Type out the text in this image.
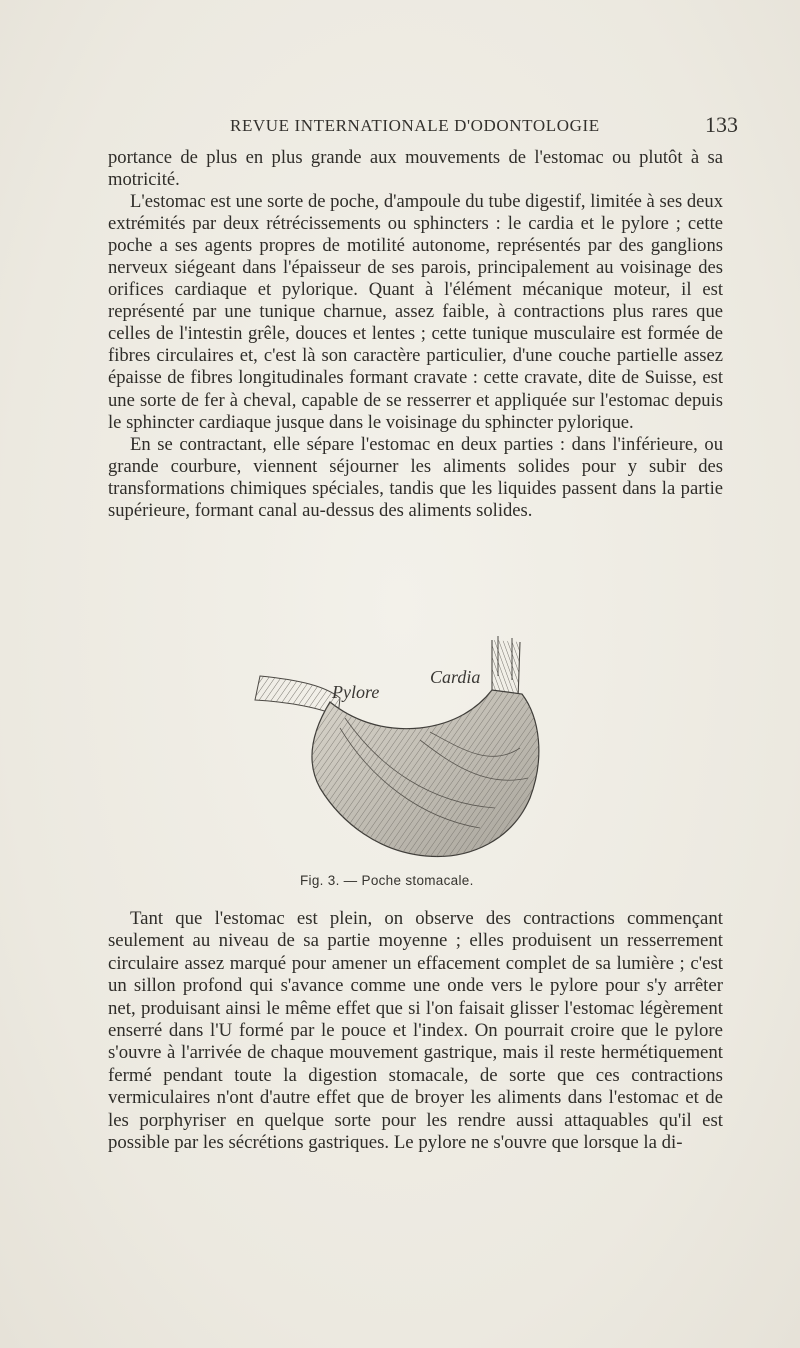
REVUE INTERNATIONALE D'ODONTOLOGIE	133

portance de plus en plus grande aux mouvements de l'estomac ou plutôt à sa motricité.

L'estomac est une sorte de poche, d'ampoule du tube digestif, limitée à ses deux extrémités par deux rétrécissements ou sphincters : le cardia et le pylore ; cette poche a ses agents propres de motilité autonome, représentés par des ganglions nerveux siégeant dans l'épaisseur de ses parois, principalement au voisinage des orifices cardiaque et pylorique. Quant à l'élément mécanique moteur, il est représenté par une tunique charnue, assez faible, à contractions plus rares que celles de l'intestin grêle, douces et lentes ; cette tunique musculaire est formée de fibres circulaires et, c'est là son caractère particulier, d'une couche partielle assez épaisse de fibres longitudinales formant cravate : cette cravate, dite de Suisse, est une sorte de fer à cheval, capable de se resserrer et appliquée sur l'estomac depuis le sphincter cardiaque jusque dans le voisinage du sphincter pylorique.

En se contractant, elle sépare l'estomac en deux parties : dans l'inférieure, ou grande courbure, viennent séjourner les aliments solides pour y subir des transformations chimiques spéciales, tandis que les liquides passent dans la partie supérieure, formant canal au-dessus des aliments solides.

Pylore
Cardia
Fig. 3. — Poche stomacale.

Tant que l'estomac est plein, on observe des contractions commençant seulement au niveau de sa partie moyenne ; elles produisent un resserrement circulaire assez marqué pour amener un effacement complet de sa lumière ; c'est un sillon profond qui s'avance comme une onde vers le pylore pour s'y arrêter net, produisant ainsi le même effet que si l'on faisait glisser l'estomac légèrement enserré dans l'U formé par le pouce et l'index. On pourrait croire que le pylore s'ouvre à l'arrivée de chaque mouvement gastrique, mais il reste hermétiquement fermé pendant toute la digestion stomacale, de sorte que ces contractions vermiculaires n'ont d'autre effet que de broyer les aliments dans l'estomac et de les porphyriser en quelque sorte pour les rendre aussi attaquables qu'il est possible par les sécrétions gastriques. Le pylore ne s'ouvre que lorsque la di-
